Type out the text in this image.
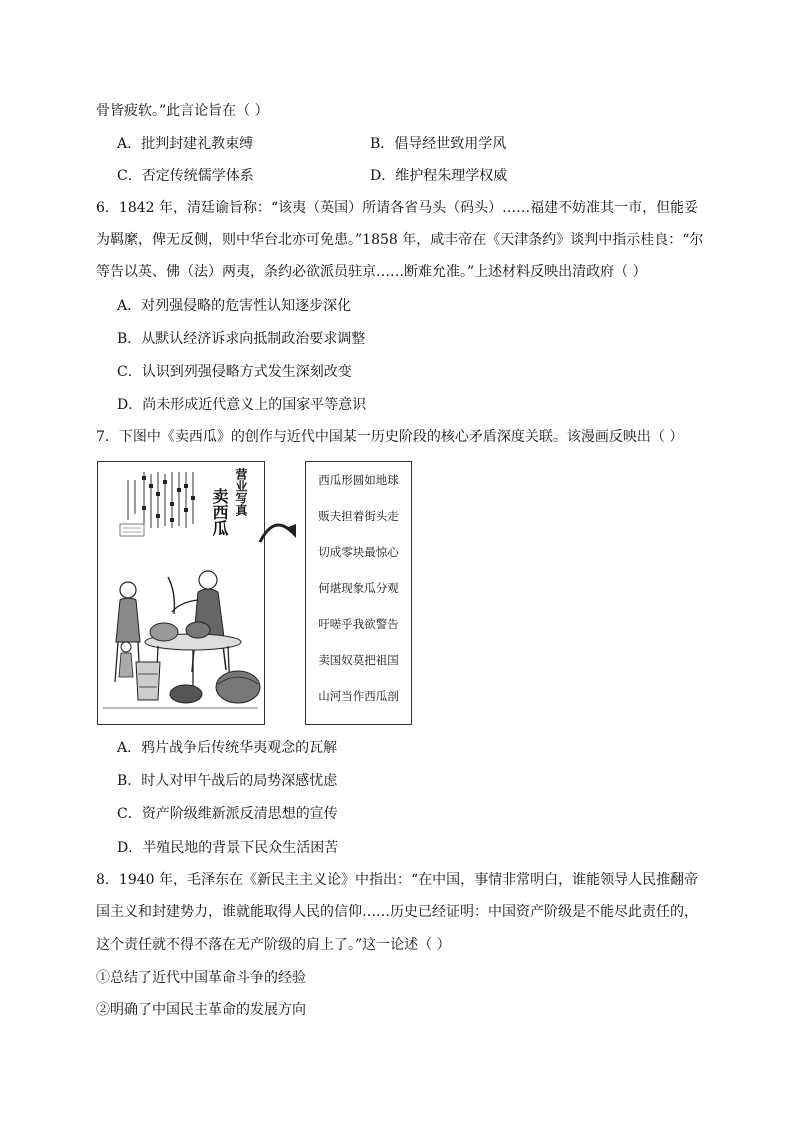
骨皆疲软。”此言论旨在（ ）
A．批判封建礼教束缚	B．倡导经世致用学风
C．否定传统儒学体系	D．维护程朱理学权威
6．1842 年，清廷谕旨称：“该夷（英国）所请各省马头（码头）……福建不妨准其一市，但能妥
为羁縻，俾无反侧，则中华台北亦可免患。”1858 年，咸丰帝在《天津条约》谈判中指示桂良：“尔
等告以英、佛（法）两夷，条约必欲派员驻京……断难允准。”上述材料反映出清政府（ ）
A．对列强侵略的危害性认知逐步深化
B．从默认经济诉求向抵制政治要求调整
C．认识到列强侵略方式发生深刻改变
D．尚未形成近代意义上的国家平等意识
7．下图中《卖西瓜》的创作与近代中国某一历史阶段的核心矛盾深度关联。该漫画反映出（ ）
卖西瓜 营业写真	西瓜形圆如地球
贩夫担着街头走
切成零块最惊心
何堪现象瓜分观
吁嗟乎我欲警告
卖国奴莫把祖国
山河当作西瓜剖
A．鸦片战争后传统华夷观念的瓦解
B．时人对甲午战后的局势深感忧虑
C．资产阶级维新派反清思想的宣传
D．半殖民地的背景下民众生活困苦
8．1940 年，毛泽东在《新民主主义论》中指出：“在中国，事情非常明白，谁能领导人民推翻帝
国主义和封建势力，谁就能取得人民的信仰……历史已经证明：中国资产阶级是不能尽此责任的，
这个责任就不得不落在无产阶级的肩上了。”这一论述（ ）
①总结了近代中国革命斗争的经验
②明确了中国民主革命的发展方向
